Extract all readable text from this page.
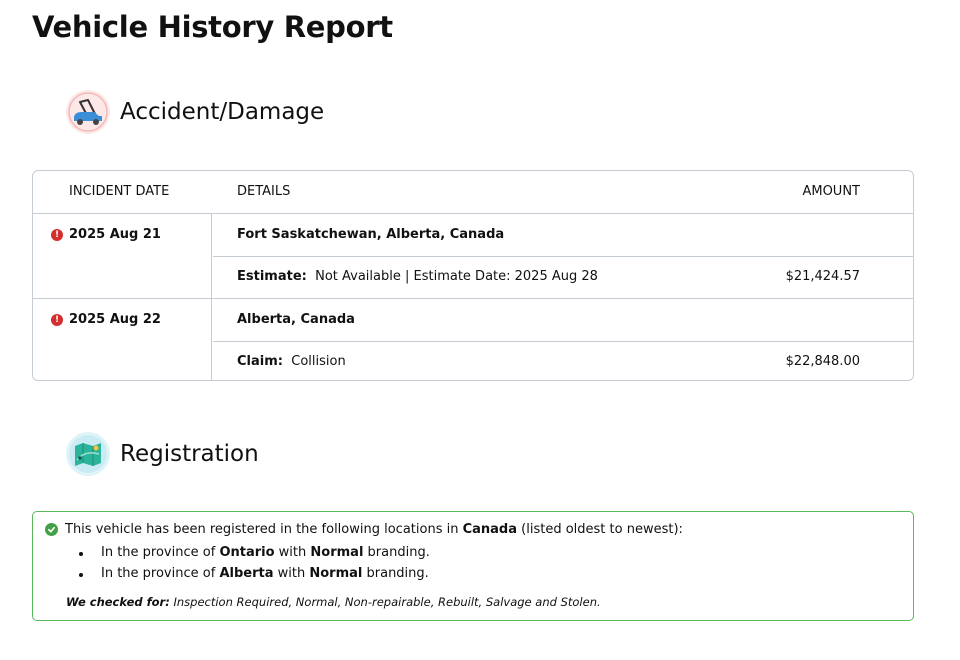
Vehicle History Report
Accident/Damage
INCIDENT DATE	DETAILS	AMOUNT
! 2025 Aug 21	Fort Saskatchewan, Alberta, Canada
Estimate: Not Available | Estimate Date: 2025 Aug 28	$21,424.57
! 2025 Aug 22	Alberta, Canada
Claim: Collision	$22,848.00
Registration
This vehicle has been registered in the following locations in
Canada
(listed oldest to newest):
In the province of Ontario with Normal branding.
In the province of Alberta with Normal branding.
We checked for: Inspection Required, Normal, Non-repairable, Rebuilt, Salvage and Stolen.
